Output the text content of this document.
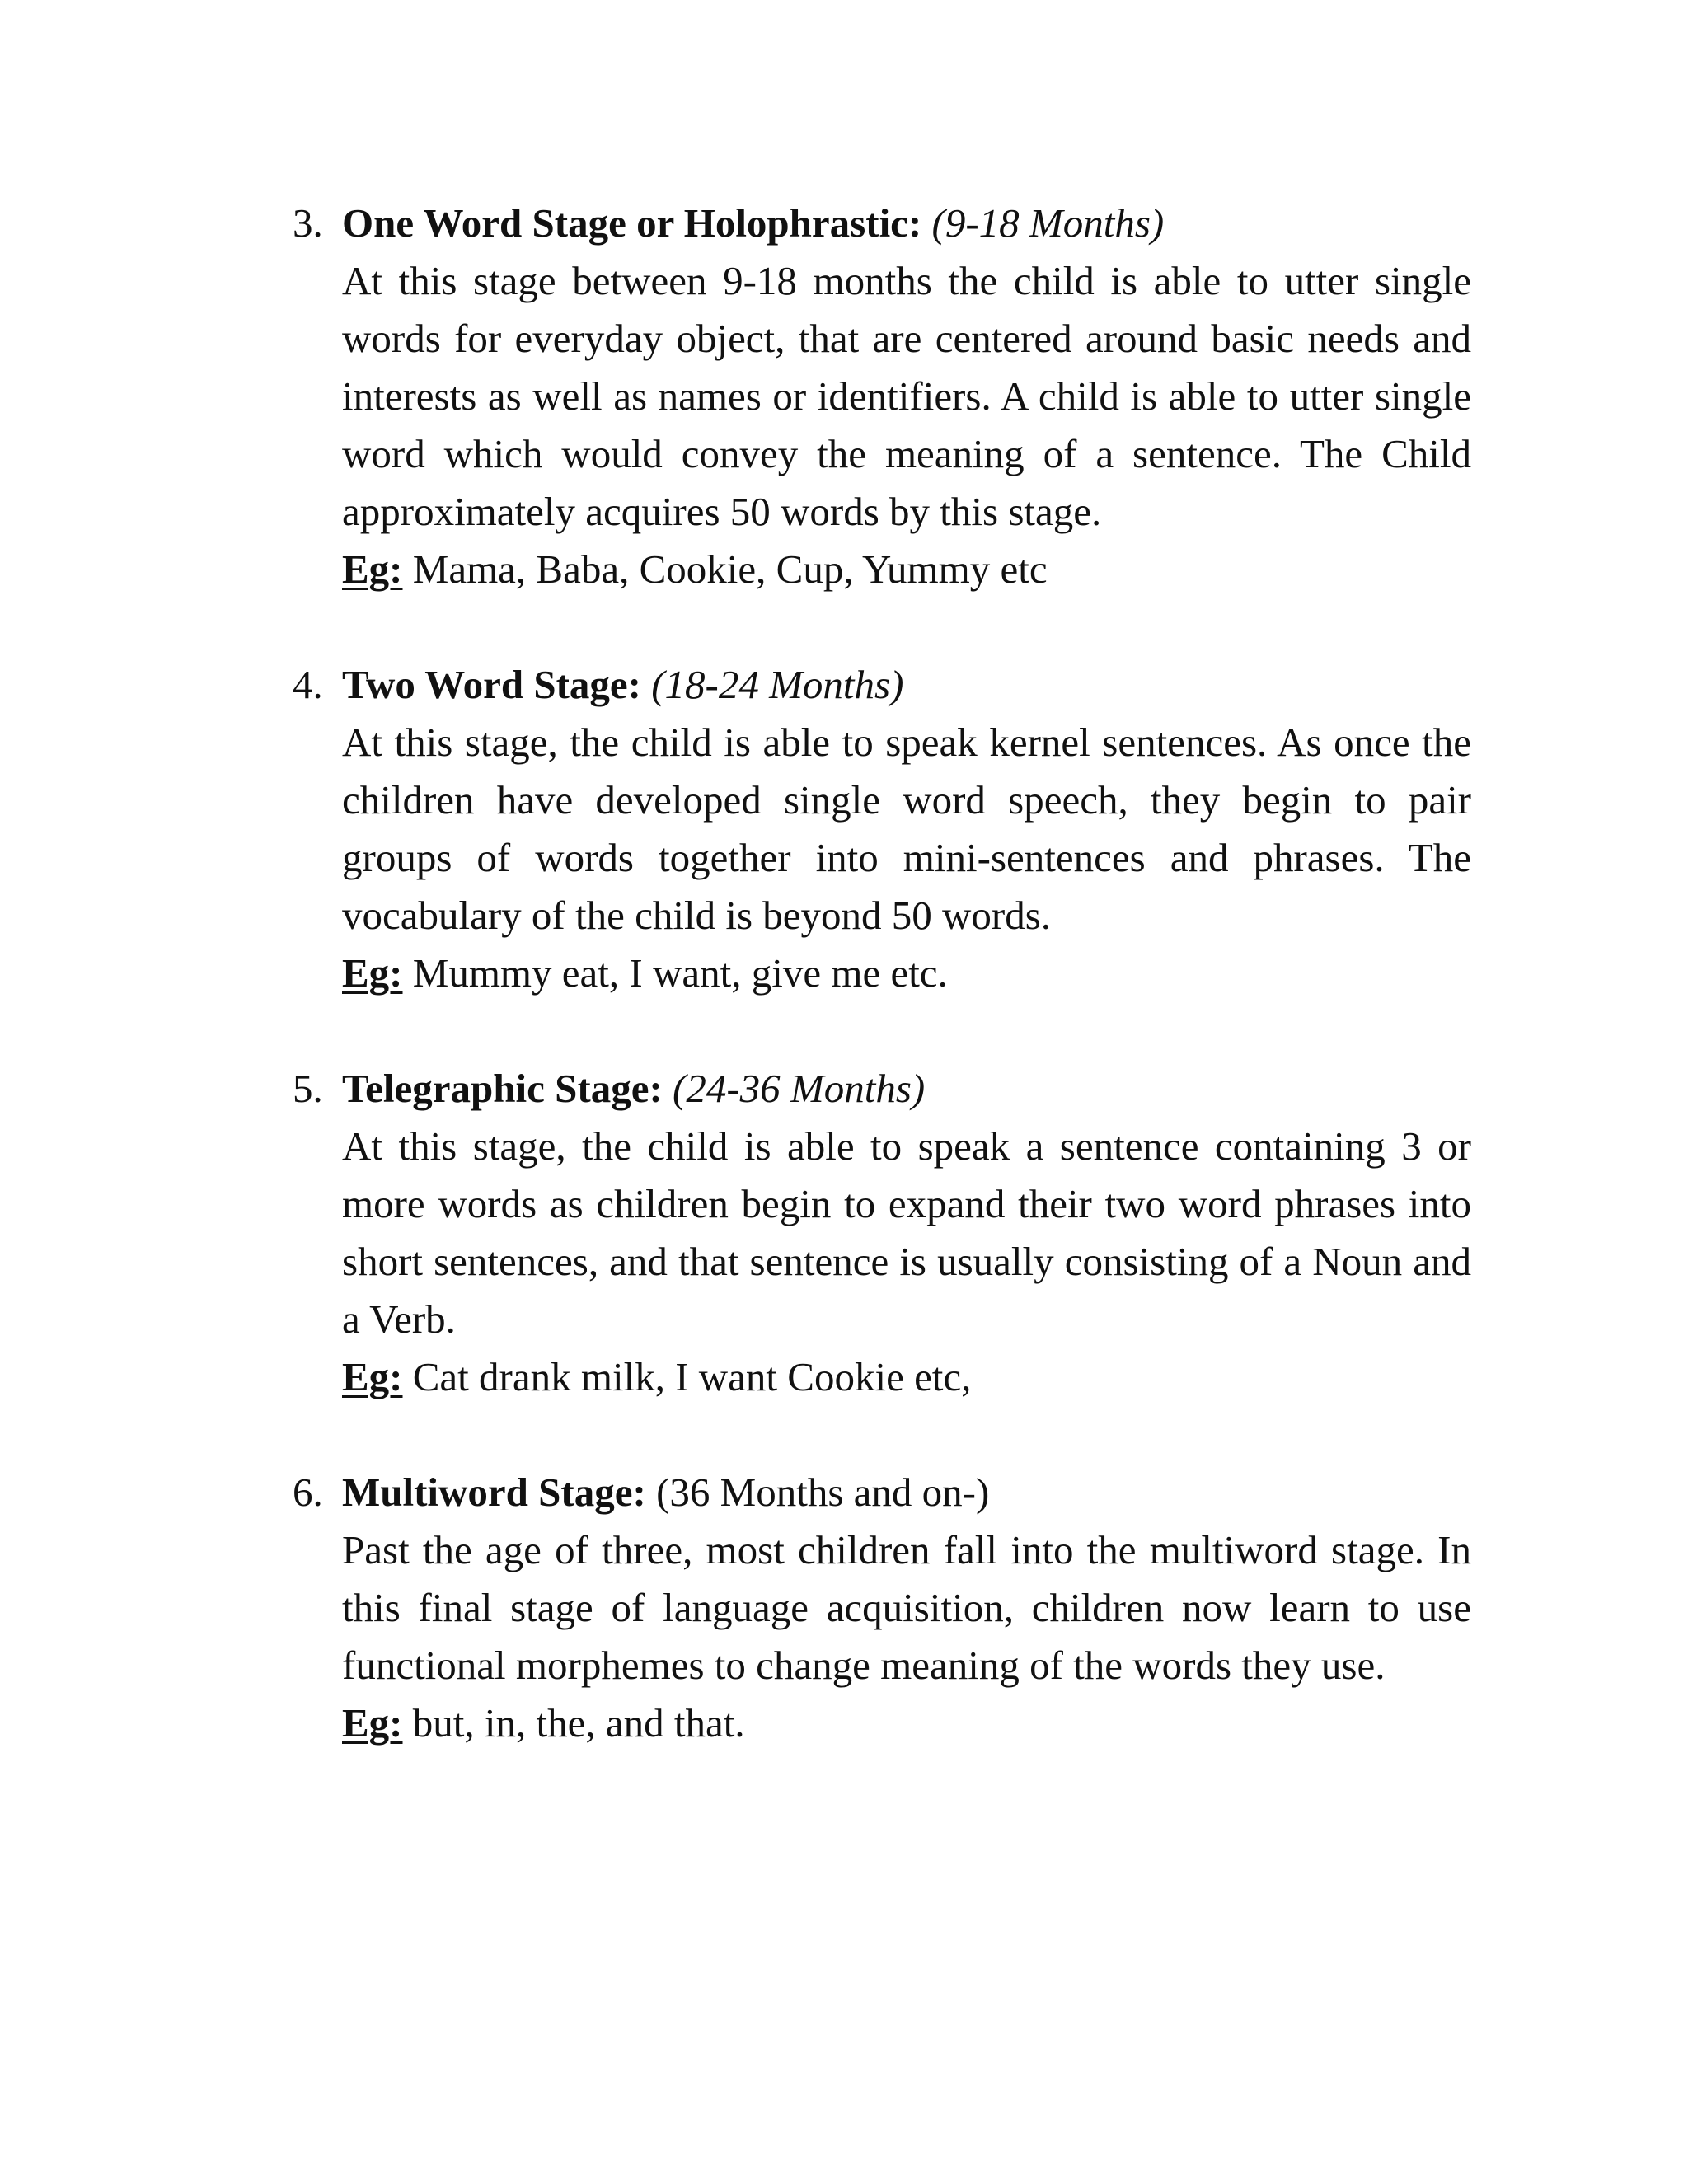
3. One Word Stage or Holophrastic: (9-18 Months)

At this stage between 9-18 months the child is able to utter single words for everyday object, that are centered around basic needs and interests as well as names or identifiers. A child is able to utter single word which would convey the meaning of a sentence. The Child approximately acquires 50 words by this stage.

Eg: Mama, Baba, Cookie, Cup, Yummy etc
4. Two Word Stage: (18-24 Months)

At this stage, the child is able to speak kernel sentences. As once the children have developed single word speech, they begin to pair groups of words together into mini-sentences and phrases. The vocabulary of the child is beyond 50 words.

Eg: Mummy eat, I want, give me etc.
5. Telegraphic Stage: (24-36 Months)

At this stage, the child is able to speak a sentence containing 3 or more words as children begin to expand their two word phrases into short sentences, and that sentence is usually consisting of a Noun and a Verb.

Eg: Cat drank milk, I want Cookie etc,
6. Multiword Stage: (36 Months and on-)

Past the age of three, most children fall into the multiword stage. In this final stage of language acquisition, children now learn to use functional morphemes to change meaning of the words they use.

Eg: but, in, the, and that.
